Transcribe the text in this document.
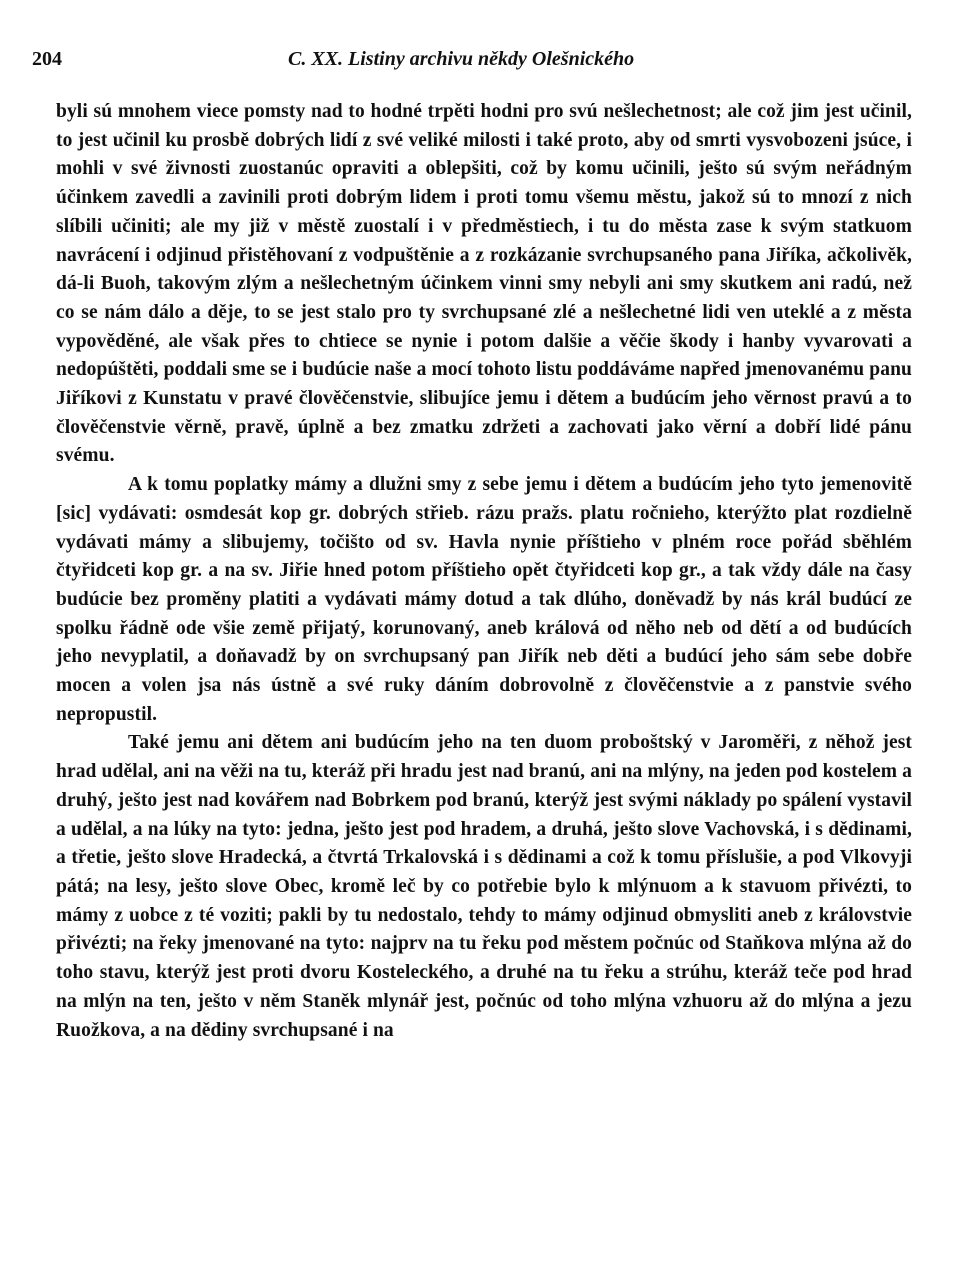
204	C. XX. Listiny archivu někdy Olešnického

byli sú mnohem viece pomsty nad to hodné trpěti hodni pro svú nešlechetnost; ale což jim jest učinil, to jest učinil ku prosbě dobrých lidí z své veliké milosti i také proto, aby od smrti vysvobozeni jsúce, i mohli v své živnosti zuostanúc opraviti a oblepšiti, což by komu učinili, ješto sú svým neřádným účinkem zavedli a zavinili proti dobrým lidem i proti tomu všemu městu, jakož sú to mnozí z nich slíbili učiniti; ale my již v městě zuostalí i v předměstiech, i tu do města zase k svým statkuom navrácení i odjinud přistěhovaní z vodpuštěnie a z rozkázanie svrchupsaného pana Jiříka, ačkolivěk, dá-li Buoh, takovým zlým a nešlechetným účinkem vinni smy nebyli ani smy skutkem ani radú, než co se nám dálo a děje, to se jest stalo pro ty svrchupsané zlé a nešlechetné lidi ven utеklé a z města vypověděné, ale však přes to chtiece se nynie i potom dalšie a věčie škody i hanby vyvarovati a nedopúštěti, poddali sme se i budúcie naše a mocí tohoto listu poddáváme napřed jmenovanému panu Jiříkovi z Kunstatu v pravé člověčenstvie, slibujíce jemu i dětem a budúcím jeho věrnost pravú a to člověčenstvie věrně, pravě, úplně a bez zmatku zdržeti a zachovati jako věrní a dobří lidé pánu svému.

A k tomu poplatky mámy a dlužni smy z sebe jemu i dětem a budúcím jeho tyto jemenovitě [sic] vydávati: osmdesát kop gr. dobrých střieb. rázu pražs. platu ročnieho, kterýžto plat rozdielně vydávati mámy a slibujemy, točišto od sv. Havla nynie příštieho v plném roce pořád sběhlém čtyřidceti kop gr. a na sv. Jiřie hned potom příštieho opět čtyřidceti kop gr., a tak vždy dále na časy budúcie bez proměny platiti a vydávati mámy dotud a tak dlúho, doněvadž by nás král budúcí ze spolku řádně ode všie země přijatý, korunovaný, aneb králová od něho neb od dětí a od budúcích jeho nevyplatil, a doňavadž by on svrchupsaný pan Jiřík neb děti a budúcí jeho sám sebe dobře mocen a volen jsa nás ústně a své ruky dáním dobrovolně z člověčenstvie a z panstvie svého nepropustil.

Také jemu ani dětem ani budúcím jeho na ten duom proboštský v Jaroměři, z něhož jest hrad udělal, ani na věži na tu, kteráž při hradu jest nad branú, ani na mlýny, na jeden pod kostelem a druhý, ješto jest nad kovářem nad Bobrkem pod branú, kterýž jest svými náklady po spálení vystavil a udělal, a na lúky na tyto: jedna, ješto jest pod hradem, a druhá, ješto slove Vachovská, i s dědinami, a třetie, ješto slove Hradecká, a čtvrtá Trkalovská i s dědinami a což k tomu příslušie, a pod Vlkovyji pátá; na lesy, ješto slove Obec, kromě leč by co potřebie bylo k mlýnuom a k stavuom přivézti, to mámy z uobce z té voziti; pakli by tu nedostalo, tehdy to mámy odjinud obmysliti aneb z královstvie přivézti; na řeky jmenované na tyto: najprv na tu řeku pod městem počnúc od Staňkova mlýna až do toho stavu, kterýž jest proti dvoru Kosteleckého, a druhé na tu řeku a strúhu, kteráž teče pod hrad na mlýn na ten, ješto v něm Staněk mlynář jest, počnúc od toho mlýna vzhuoru až do mlýna a jezu Ruožkova, a na dědiny svrchupsané i na
